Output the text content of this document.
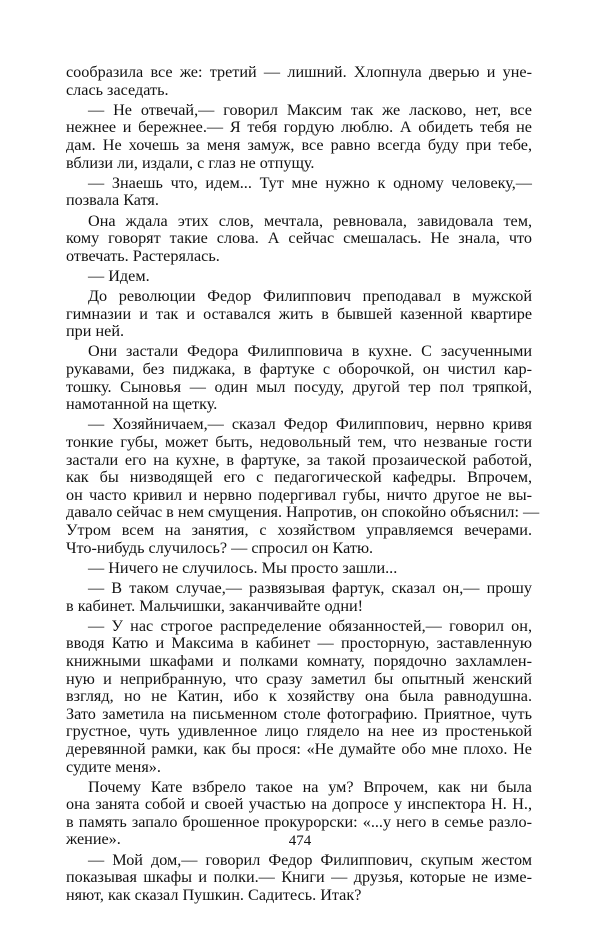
сообразила все же: третий — лишний. Хлопнула дверью и уне-
слась заседать.
— Не отвечай,— говорил Максим так же ласково, нет, все
нежнее и бережнее.— Я тебя гордую люблю. А обидеть тебя не
дам. Не хочешь за меня замуж, все равно всегда буду при тебе,
вблизи ли, издали, с глаз не отпущу.
— Знаешь что, идем... Тут мне нужно к одному человеку,—
позвала Катя.
Она ждала этих слов, мечтала, ревновала, завидовала тем,
кому говорят такие слова. А сейчас смешалась. Не знала, что
отвечать. Растерялась.
— Идем.
До революции Федор Филиппович преподавал в мужской
гимназии и так и оставался жить в бывшей казенной квартире
при ней.
Они застали Федора Филипповича в кухне. С засученными
рукавами, без пиджака, в фартуке с оборочкой, он чистил кар-
тошку. Сыновья — один мыл посуду, другой тер пол тряпкой,
намотанной на щетку.
— Хозяйничаем,— сказал Федор Филиппович, нервно кривя
тонкие губы, может быть, недовольный тем, что незваные гости
застали его на кухне, в фартуке, за такой прозаической работой,
как бы низводящей его с педагогической кафедры. Впрочем,
он часто кривил и нервно подергивал губы, ничто другое не вы-
давало сейчас в нем смущения. Напротив, он спокойно объяснил: —
Утром всем на занятия, с хозяйством управляемся вечерами.
Что-нибудь случилось? — спросил он Катю.
— Ничего не случилось. Мы просто зашли...
— В таком случае,— развязывая фартук, сказал он,— прошу
в кабинет. Мальчишки, заканчивайте одни!
— У нас строгое распределение обязанностей,— говорил он,
вводя Катю и Максима в кабинет — просторную, заставленную
книжными шкафами и полками комнату, порядочно захламлен-
ную и неприбранную, что сразу заметил бы опытный женский
взгляд, но не Катин, ибо к хозяйству она была равнодушна.
Зато заметила на письменном столе фотографию. Приятное, чуть
грустное, чуть удивленное лицо глядело на нее из простенькой
деревянной рамки, как бы прося: «Не думайте обо мне плохо. Не
судите меня».
Почему Кате взбрело такое на ум? Впрочем, как ни была
она занята собой и своей участью на допросе у инспектора Н. Н.,
в память запало брошенное прокурорски: «...у него в семье разло-
жение».
— Мой дом,— говорил Федор Филиппович, скупым жестом
показывая шкафы и полки.— Книги — друзья, которые не изме-
няют, как сказал Пушкин. Садитесь. Итак?
474
